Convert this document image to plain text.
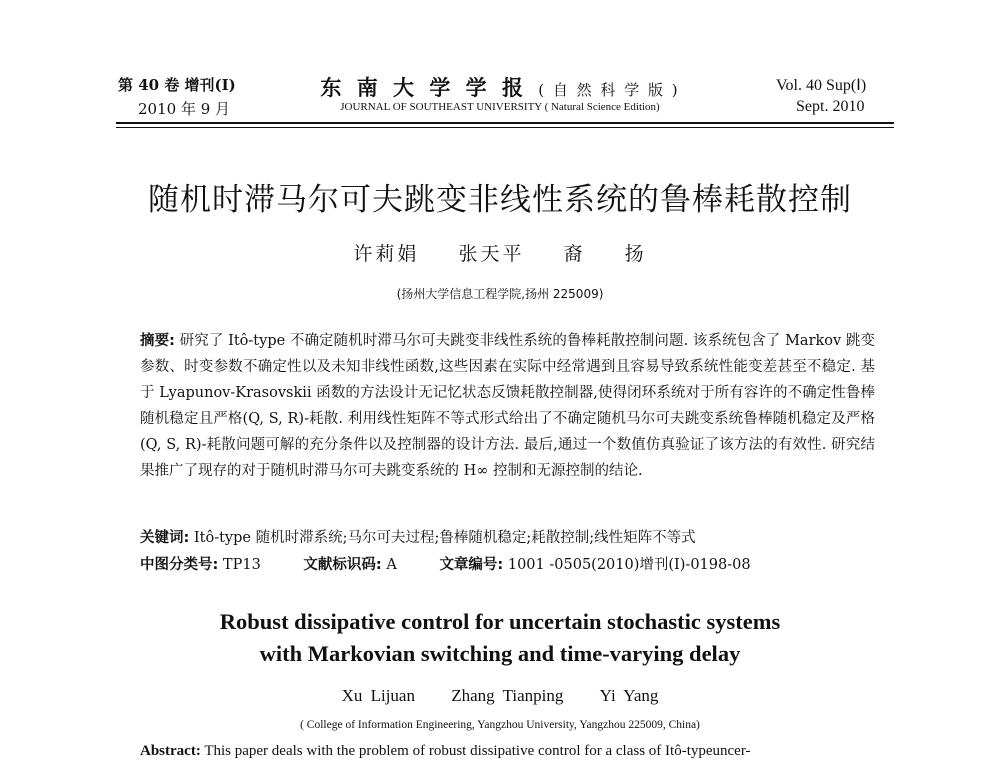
第 40 卷 增刊(Ⅰ)
2010 年 9 月
东 南 大 学 学 报 ( 自 然 科 学 版 )
JOURNAL OF SOUTHEAST UNIVERSITY ( Natural Science Edition)
Vol. 40 Sup(Ⅰ)
Sept. 2010
随机时滞马尔可夫跳变非线性系统的鲁棒耗散控制
许莉娟 张天平 裔 扬
(扬州大学信息工程学院,扬州 225009)
摘要: 研究了 Itô-type 不确定随机时滞马尔可夫跳变非线性系统的鲁棒耗散控制问题. 该系统包含了 Markov 跳变参数、时变参数不确定性以及未知非线性函数,这些因素在实际中经常遇到且容易导致系统性能变差甚至不稳定. 基于 Lyapunov-Krasovskii 函数的方法设计无记忆状态反馈耗散控制器,使得闭环系统对于所有容许的不确定性鲁棒随机稳定且严格(Q, S, R)-耗散. 利用线性矩阵不等式形式给出了不确定随机马尔可夫跳变系统鲁棒随机稳定及严格(Q, S, R)-耗散问题可解的充分条件以及控制器的设计方法. 最后,通过一个数值仿真验证了该方法的有效性. 研究结果推广了现存的对于随机时滞马尔可夫跳变系统的 H∞ 控制和无源控制的结论.
关键词: Itô-type 随机时滞系统;马尔可夫过程;鲁棒随机稳定;耗散控制;线性矩阵不等式
中图分类号: TP13	文献标识码: A	文章编号: 1001 -0505(2010)增刊(Ⅰ)-0198-08
Robust dissipative control for uncertain stochastic systems
with Markovian switching and time-varying delay
Xu Lijuan Zhang Tianping Yi Yang
( College of Information Engineering, Yangzhou University, Yangzhou 225009, China)
Abstract: This paper deals with the problem of robust dissipative control for a class of Itô-typeuncer-
